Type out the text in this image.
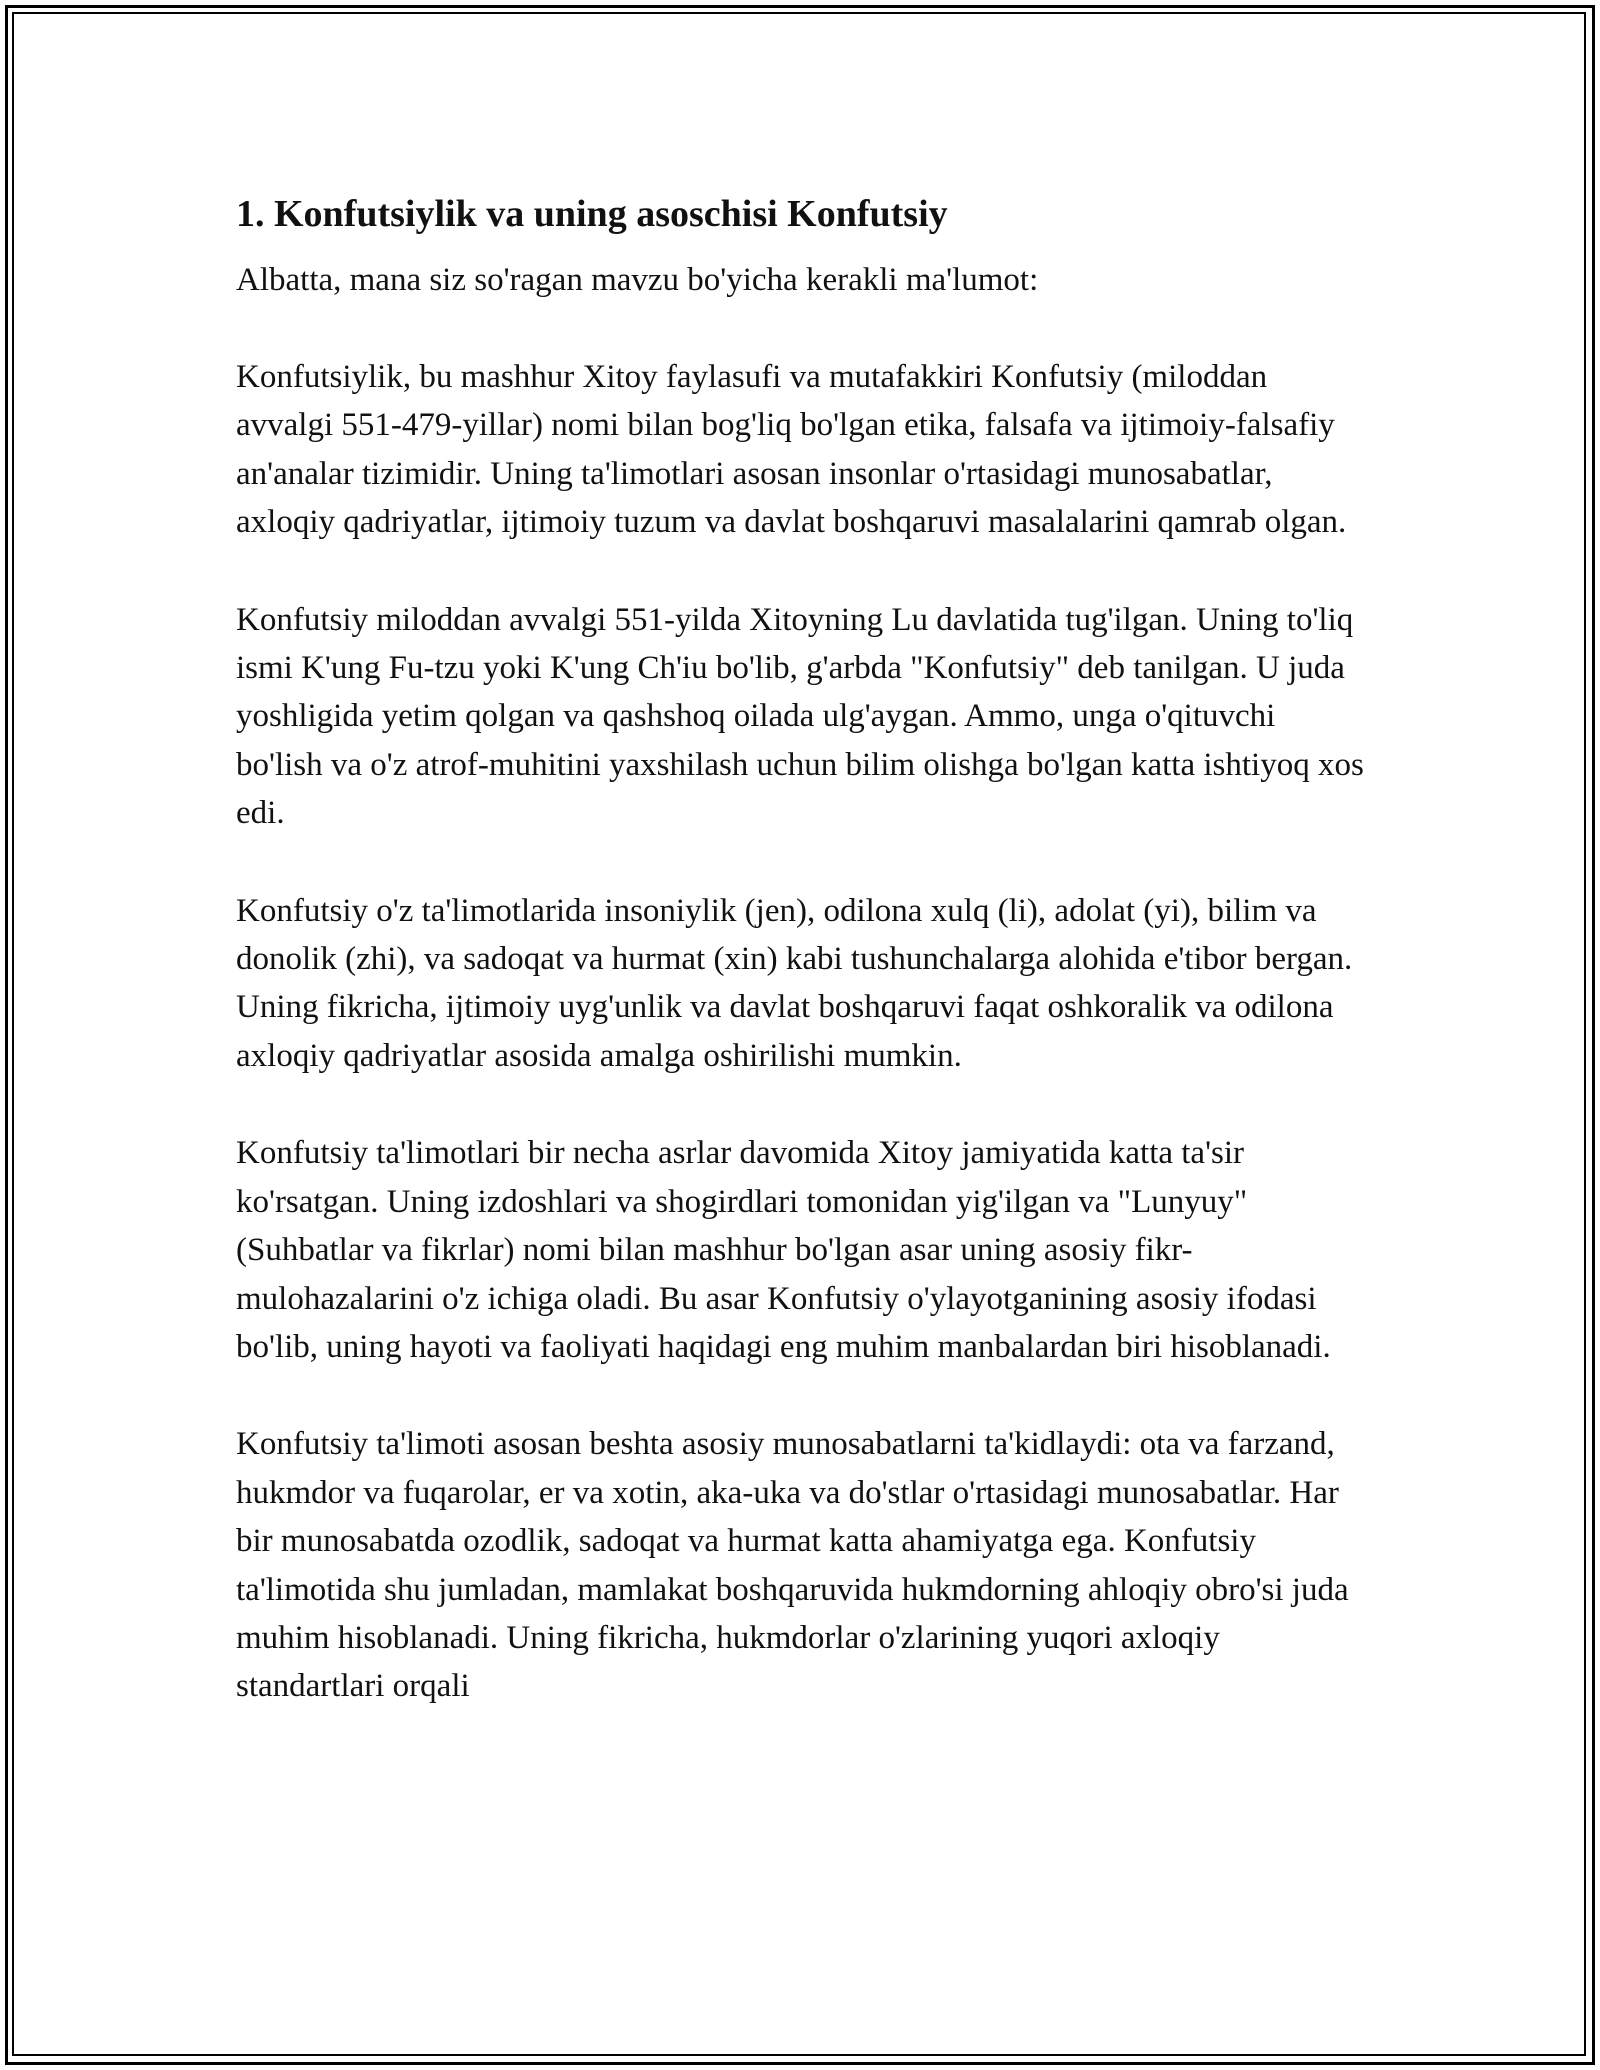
1. Konfutsiylik va uning asoschisi Konfutsiy

Albatta, mana siz so'ragan mavzu bo'yicha kerakli ma'lumot:

Konfutsiylik, bu mashhur Xitoy faylasufi va mutafakkiri Konfutsiy (miloddan avvalgi 551-479-yillar) nomi bilan bog'liq bo'lgan etika, falsafa va ijtimoiy-falsafiy an'analar tizimidir. Uning ta'limotlari asosan insonlar o'rtasidagi munosabatlar, axloqiy qadriyatlar, ijtimoiy tuzum va davlat boshqaruvi masalalarini qamrab olgan.

Konfutsiy miloddan avvalgi 551-yilda Xitoyning Lu davlatida tug'ilgan. Uning to'liq ismi K'ung Fu-tzu yoki K'ung Ch'iu bo'lib, g'arbda "Konfutsiy" deb tanilgan. U juda yoshligida yetim qolgan va qashshoq oilada ulg'aygan. Ammo, unga o'qituvchi bo'lish va o'z atrof-muhitini yaxshilash uchun bilim olishga bo'lgan katta ishtiyoq xos edi.

Konfutsiy o'z ta'limotlarida insoniylik (jen), odilona xulq (li), adolat (yi), bilim va donolik (zhi), va sadoqat va hurmat (xin) kabi tushunchalarga alohida e'tibor bergan. Uning fikricha, ijtimoiy uyg'unlik va davlat boshqaruvi faqat oshkoralik va odilona axloqiy qadriyatlar asosida amalga oshirilishi mumkin.

Konfutsiy ta'limotlari bir necha asrlar davomida Xitoy jamiyatida katta ta'sir ko'rsatgan. Uning izdoshlari va shogirdlari tomonidan yig'ilgan va "Lunyuy" (Suhbatlar va fikrlar) nomi bilan mashhur bo'lgan asar uning asosiy fikr-mulohazalarini o'z ichiga oladi. Bu asar Konfutsiy o'ylayotganining asosiy ifodasi bo'lib, uning hayoti va faoliyati haqidagi eng muhim manbalardan biri hisoblanadi.

Konfutsiy ta'limoti asosan beshta asosiy munosabatlarni ta'kidlaydi: ota va farzand, hukmdor va fuqarolar, er va xotin, aka-uka va do'stlar o'rtasidagi munosabatlar. Har bir munosabatda ozodlik, sadoqat va hurmat katta ahamiyatga ega. Konfutsiy ta'limotida shu jumladan, mamlakat boshqaruvida hukmdorning ahloqiy obro'si juda muhim hisoblanadi. Uning fikricha, hukmdorlar o'zlarining yuqori axloqiy standartlari orqali
